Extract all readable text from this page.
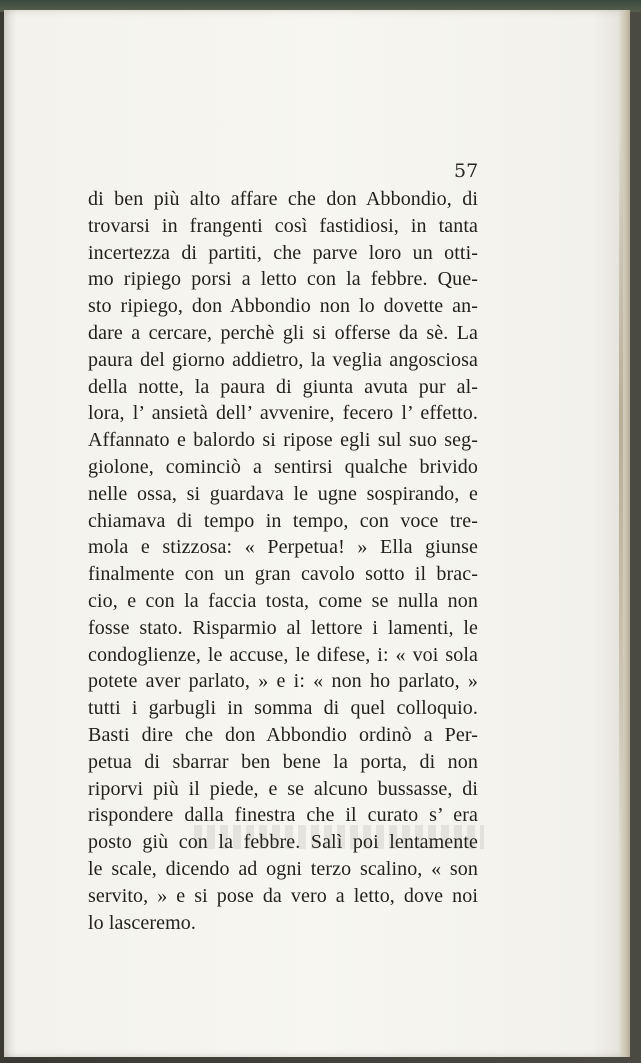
57
di ben più alto affare che don Abbondio, di
trovarsi in frangenti così fastidiosi, in tanta
incertezza di partiti, che parve loro un otti-
mo ripiego porsi a letto con la febbre. Que-
sto ripiego, don Abbondio non lo dovette an-
dare a cercare, perchè gli si offerse da sè. La
paura del giorno addietro, la veglia angosciosa
della notte, la paura di giunta avuta pur al-
lora, l’ ansietà dell’ avvenire, fecero l’ effetto.
Affannato e balordo si ripose egli sul suo seg-
giolone, cominciò a sentirsi qualche brivido
nelle ossa, si guardava le ugne sospirando, e
chiamava di tempo in tempo, con voce tre-
mola e stizzosa: « Perpetua! » Ella giunse
finalmente con un gran cavolo sotto il brac-
cio, e con la faccia tosta, come se nulla non
fosse stato. Risparmio al lettore i lamenti, le
condoglienze, le accuse, le difese, i: « voi sola
potete aver parlato, » e i: « non ho parlato, »
tutti i garbugli in somma di quel colloquio.
Basti dire che don Abbondio ordinò a Per-
petua di sbarrar ben bene la porta, di non
riporvi più il piede, e se alcuno bussasse, di
rispondere dalla finestra che il curato s’ era
posto giù con la febbre. Salì poi lentamente
le scale, dicendo ad ogni terzo scalino, « son
servito, » e si pose da vero a letto, dove noi
lo lasceremo.
